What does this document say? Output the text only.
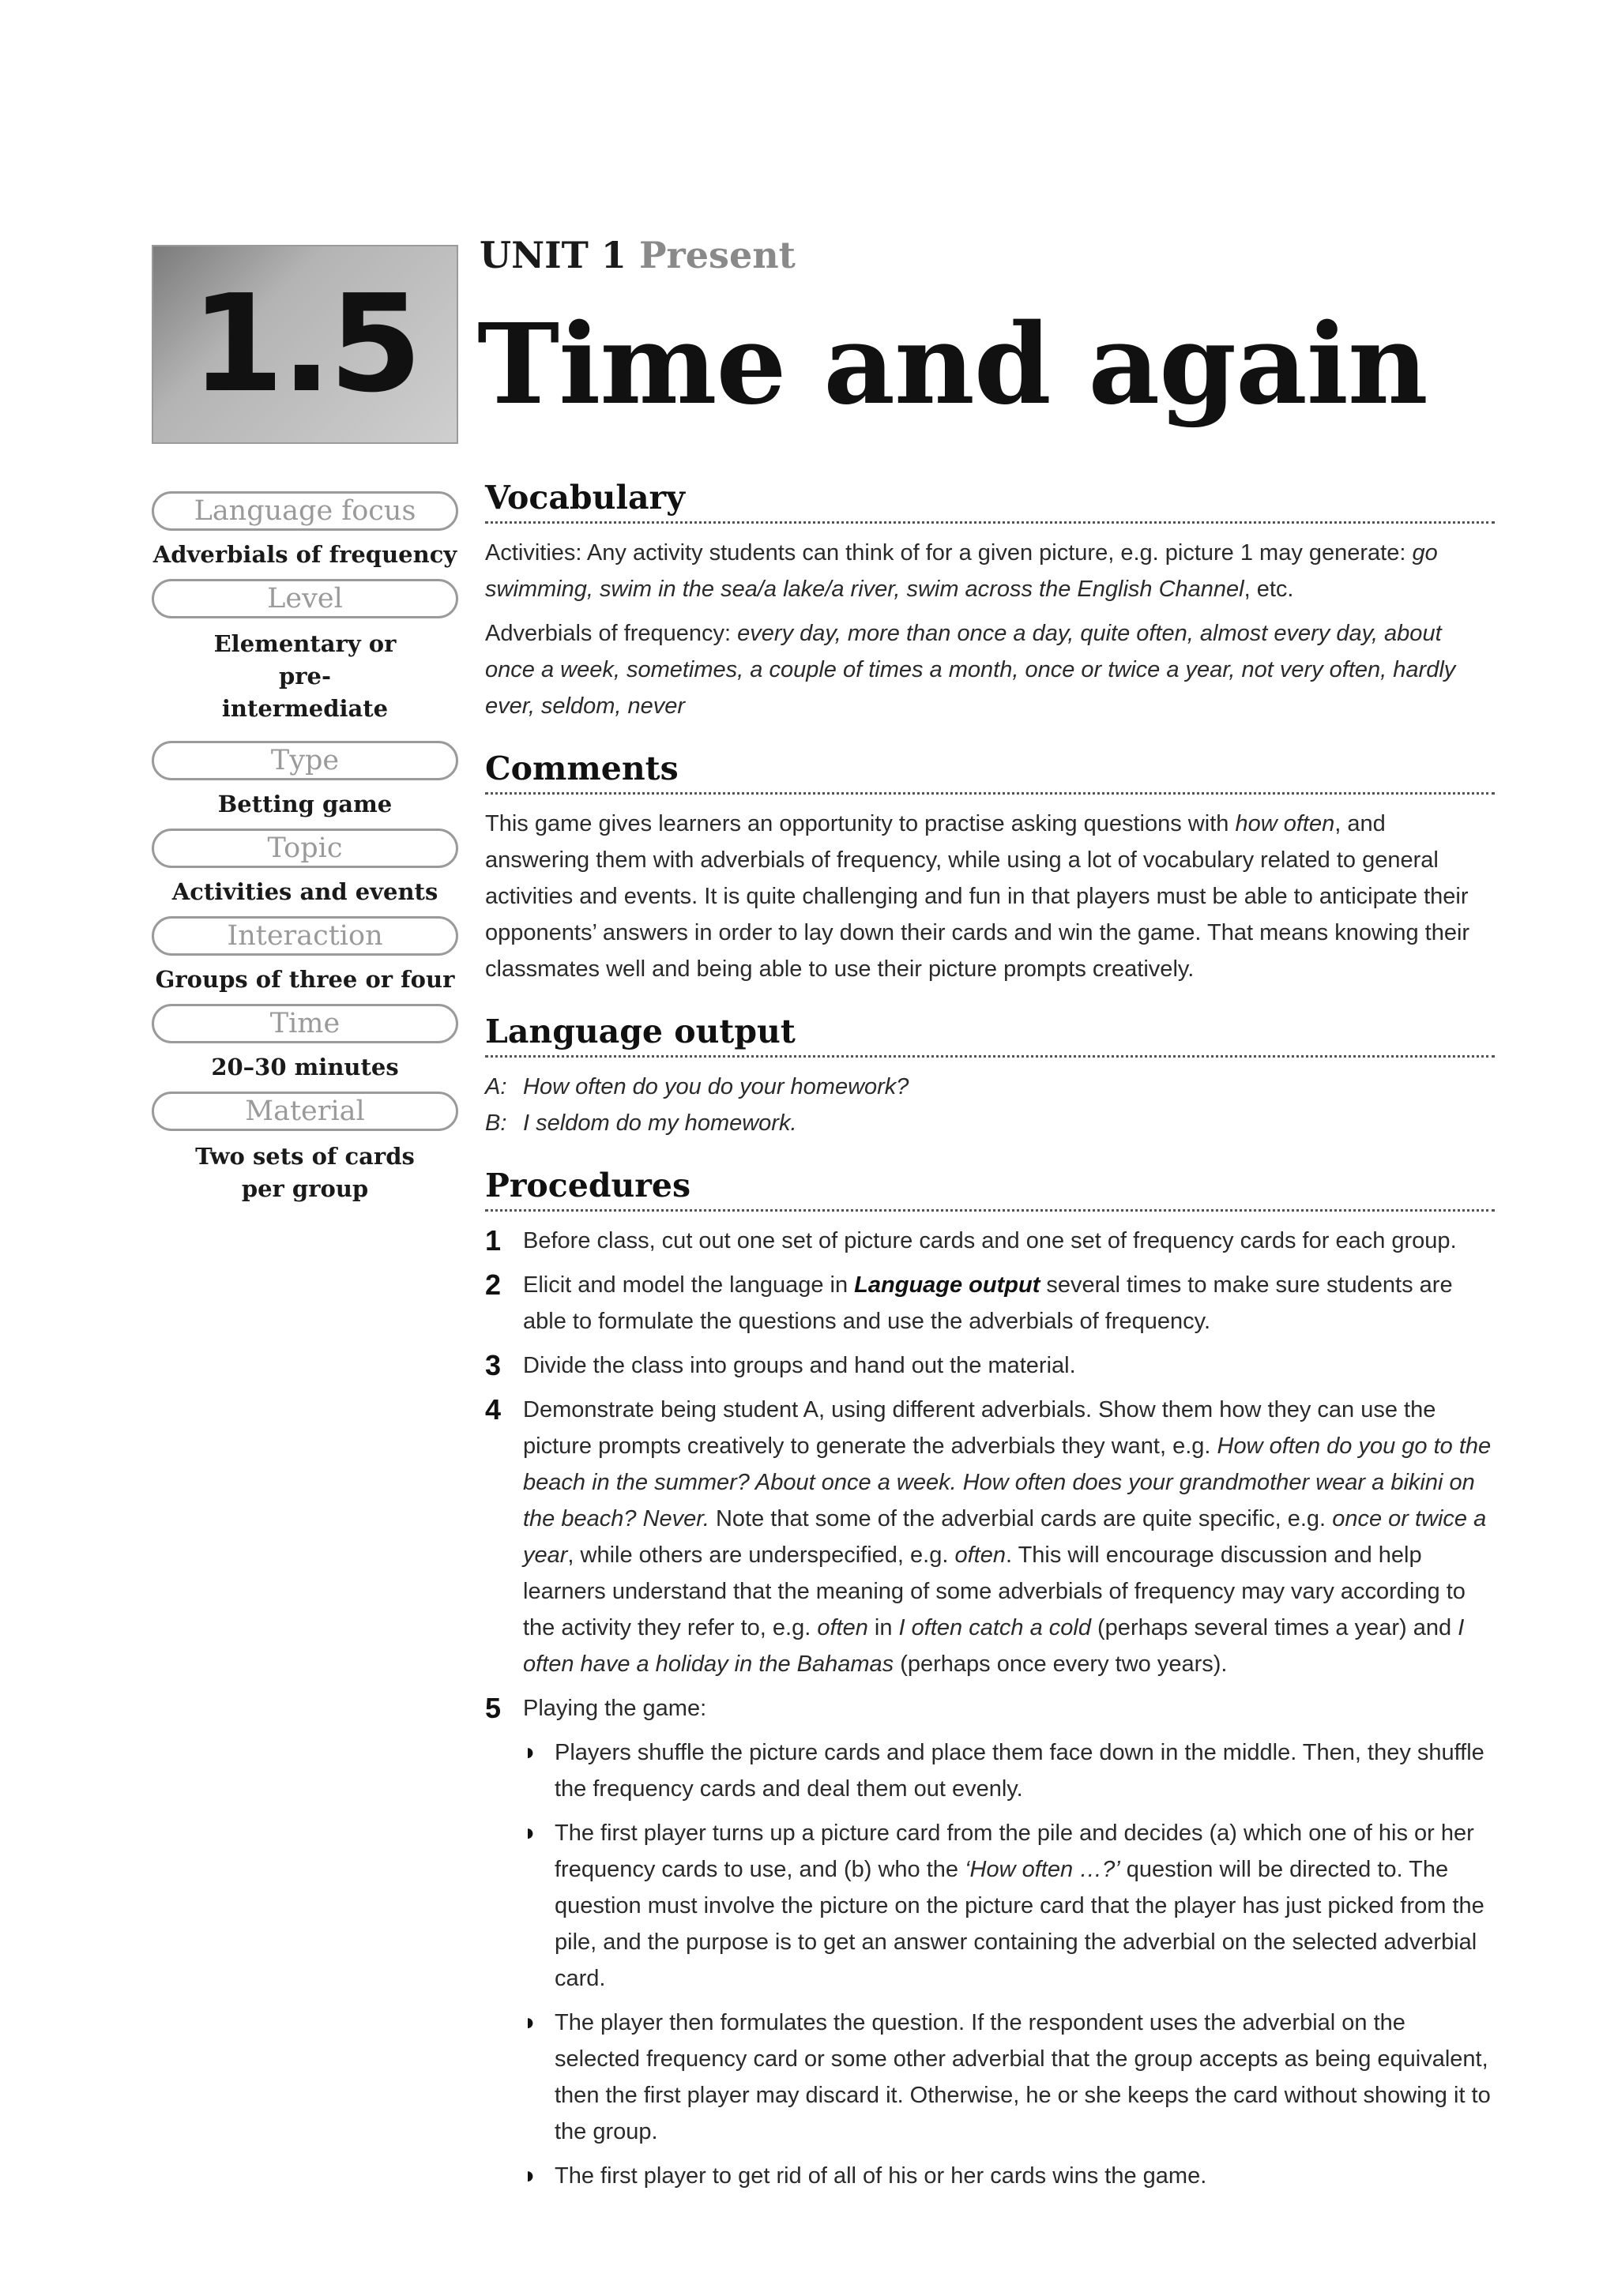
1.5
UNIT 1 Present
Time and again
Language focus
Adverbials of frequency
Level
Elementary or pre-intermediate
Type
Betting game
Topic
Activities and events
Interaction
Groups of three or four
Time
20–30 minutes
Material
Two sets of cards per group
Vocabulary

Activities: Any activity students can think of for a given picture, e.g. picture 1 may generate: go swimming, swim in the sea/a lake/a river, swim across the English Channel, etc.

Adverbials of frequency: every day, more than once a day, quite often, almost every day, about once a week, sometimes, a couple of times a month, once or twice a year, not very often, hardly ever, seldom, never

Comments

This game gives learners an opportunity to practise asking questions with how often, and answering them with adverbials of frequency, while using a lot of vocabulary related to general activities and events. It is quite challenging and fun in that players must be able to anticipate their opponents’ answers in order to lay down their cards and win the game. That means knowing their classmates well and being able to use their picture prompts creatively.

Language output
A: How often do you do your homework?
B: I seldom do my homework.
Procedures
1 Before class, cut out one set of picture cards and one set of frequency cards for each group.
2 Elicit and model the language in Language output several times to make sure students are able to formulate the questions and use the adverbials of frequency.
3 Divide the class into groups and hand out the material.
4 Demonstrate being student A, using different adverbials. Show them how they can use the picture prompts creatively to generate the adverbials they want, e.g. How often do you go to the beach in the summer? About once a week. How often does your grandmother wear a bikini on the beach? Never. Note that some of the adverbial cards are quite specific, e.g. once or twice a year, while others are underspecified, e.g. often. This will encourage discussion and help learners understand that the meaning of some adverbials of frequency may vary according to the activity they refer to, e.g. often in I often catch a cold (perhaps several times a year) and I often have a holiday in the Bahamas (perhaps once every two years).
5 Playing the game:
◗ Players shuffle the picture cards and place them face down in the middle. Then, they shuffle the frequency cards and deal them out evenly.
◗ The first player turns up a picture card from the pile and decides (a) which one of his or her frequency cards to use, and (b) who the ‘How often …?’ question will be directed to. The question must involve the picture on the picture card that the player has just picked from the pile, and the purpose is to get an answer containing the adverbial on the selected adverbial card.
◗ The player then formulates the question. If the respondent uses the adverbial on the selected frequency card or some other adverbial that the group accepts as being equivalent, then the first player may discard it. Otherwise, he or she keeps the card without showing it to the group.
◗ The first player to get rid of all of his or her cards wins the game.
